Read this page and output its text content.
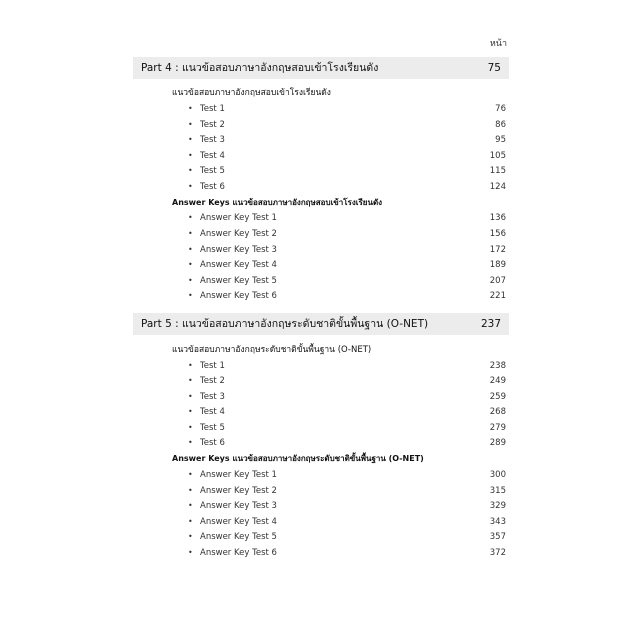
หน้า
Part 4 : แนวข้อสอบภาษาอังกฤษสอบเข้าโรงเรียนดัง	75
แนวข้อสอบภาษาอังกฤษสอบเข้าโรงเรียนดัง
• Test 1	76
• Test 2	86
• Test 3	95
• Test 4	105
• Test 5	115
• Test 6	124
Answer Keys แนวข้อสอบภาษาอังกฤษสอบเข้าโรงเรียนดัง
• Answer Key Test 1	136
• Answer Key Test 2	156
• Answer Key Test 3	172
• Answer Key Test 4	189
• Answer Key Test 5	207
• Answer Key Test 6	221
Part 5 : แนวข้อสอบภาษาอังกฤษระดับชาติขั้นพื้นฐาน (O-NET)	237
แนวข้อสอบภาษาอังกฤษระดับชาติขั้นพื้นฐาน (O-NET)
• Test 1	238
• Test 2	249
• Test 3	259
• Test 4	268
• Test 5	279
• Test 6	289
Answer Keys แนวข้อสอบภาษาอังกฤษระดับชาติขั้นพื้นฐาน (O-NET)
• Answer Key Test 1	300
• Answer Key Test 2	315
• Answer Key Test 3	329
• Answer Key Test 4	343
• Answer Key Test 5	357
• Answer Key Test 6	372
